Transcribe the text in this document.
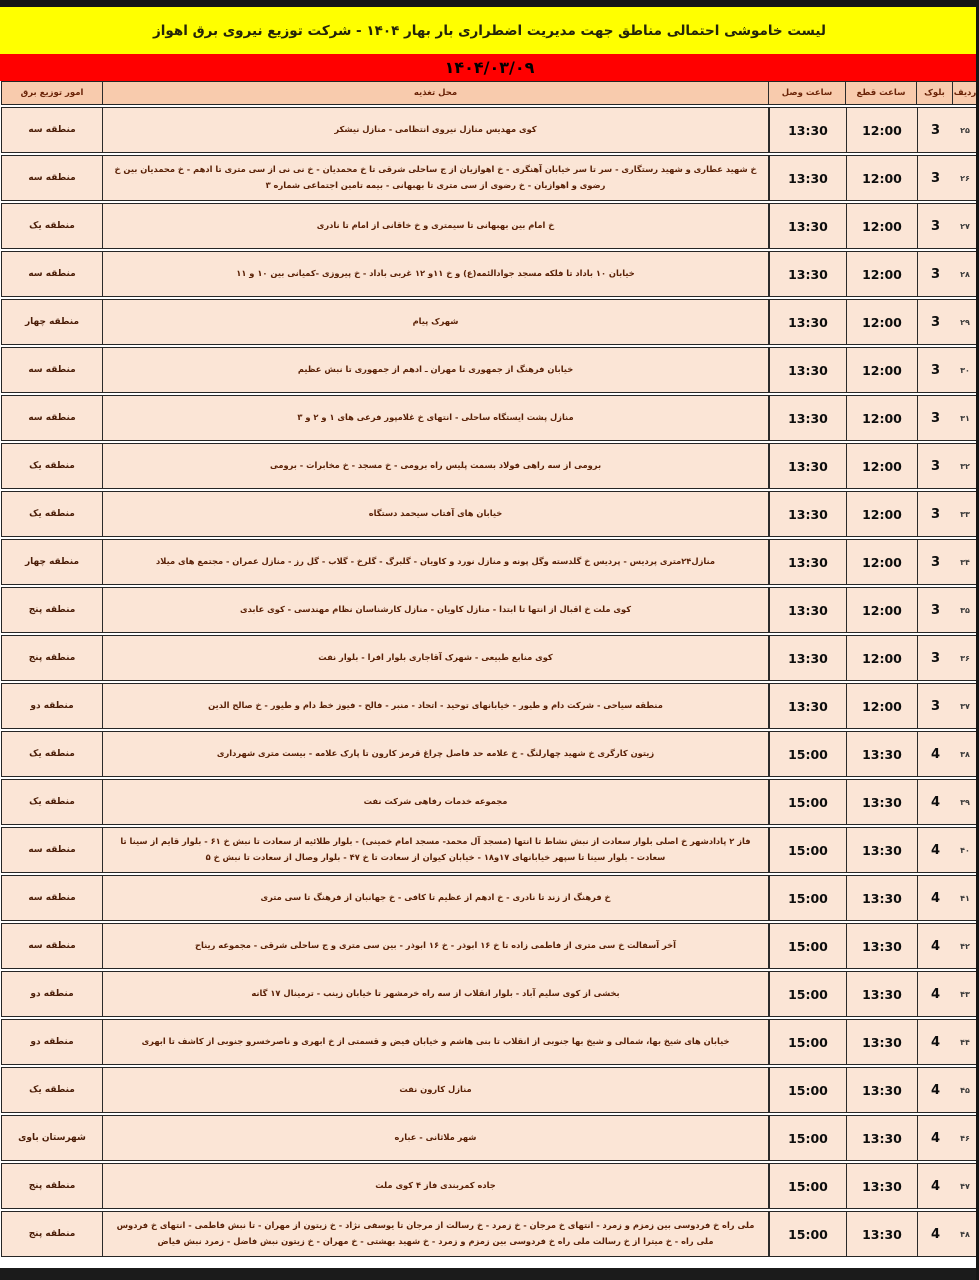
لیست خاموشی احتمالی مناطق جهت مدیریت اضطراری بار بهار ۱۴۰۴ - شرکت توزیع نیروی برق اهواز
۱۴۰۴/۰۳/۰۹
ردیف
بلوک
ساعت قطع
ساعت وصل
محل تغذیه
امور توزیع برق
۲۵
3
12:00
13:30
کوی مهدیس منازل نیروی انتظامی - منازل نیشکر
منطقه سه
۲۶
3
12:00
13:30
خ شهید عطاری و شهید رستگاری - سر تا سر خیابان آهنگری - خ اهوازیان از ج ساحلی شرقی تا خ محمدیان - خ نی نی از سی متری تا ادهم - خ محمدیان بین خ رضوی و اهوازیان - خ رضوی از سی متری تا بهبهانی - بیمه تامین اجتماعی شماره ۳
منطقه سه
۲۷
3
12:00
13:30
خ امام بین بهبهانی تا سیمتری و خ خاقانی از امام تا نادری
منطقه یک
۲۸
3
12:00
13:30
خیابان ۱۰ باداد تا فلکه مسجد جوادالئمه(ع) و خ ۱۱و ۱۲ غربی باداد - خ پیروزی -کمیانی بین ۱۰ و ۱۱
منطقه سه
۲۹
3
12:00
13:30
شهرک پیام
منطقه چهار
۳۰
3
12:00
13:30
خیابان فرهنگ از جمهوری تا مهران ـ ادهم از جمهوری تا نبش عظیم
منطقه سه
۳۱
3
12:00
13:30
منازل پشت ایستگاه ساحلی - انتهای خ غلامپور فرعی های ۱ و ۲ و ۳
منطقه سه
۳۲
3
12:00
13:30
برومی از سه راهی فولاد بسمت پلیس راه برومی - خ مسجد - خ مخابرات - برومی
منطقه یک
۳۳
3
12:00
13:30
خیابان های آفتاب سیحمد دستگاه
منطقه یک
۳۴
3
12:00
13:30
منازل۲۴متری پردیس - پردیس خ گلدسته وگل پونه و منازل نورد و کاویان - گلبرگ - گلرخ - گلاب - گل رز - منازل عمران - مجتمع های میلاد
منطقه چهار
۳۵
3
12:00
13:30
کوی ملت خ اقبال از انتها تا ابتدا - منازل کاویان - منازل کارشناسان نظام مهندسی - کوی عابدی
منطقه پنج
۳۶
3
12:00
13:30
کوی منابع طبیعی - شهرک آقاجاری بلوار افرا - بلوار نفت
منطقه پنج
۳۷
3
12:00
13:30
منطقه سیاحی - شرکت دام و طیور - خیابانهای توحید - اتحاد - منبر - فالح - فیوز خط دام و طیور - خ صالح الدین
منطقه دو
۳۸
4
13:30
15:00
زیتون کارگری خ شهید چهارلنگ - خ علامه حد فاصل چراغ قرمز کارون تا پارک علامه - بیست متری شهرداری
منطقه یک
۳۹
4
13:30
15:00
مجموعه خدمات رفاهی شرکت نفت
منطقه یک
۴۰
4
13:30
15:00
فاز ۲ پادادشهر خ اصلی بلوار سعادت از نبش نشاط تا انتها (مسجد آل محمد- مسجد امام خمینی) - بلوار طلائیه از سعادت تا نبش خ ۶۱ - بلوار قایم از سینا تا سعادت - بلوار سینا تا سپهر خیابانهای ۱۷و۱۸ - خیابان کیوان از سعادت تا خ ۴۷ - بلوار وصال از سعادت تا نبش خ ۵
منطقه سه
۴۱
4
13:30
15:00
خ فرهنگ از زند تا نادری - خ ادهم از عظیم تا کافی - خ جهانبان از فرهنگ تا سی متری
منطقه سه
۴۲
4
13:30
15:00
آخر آسفالت خ سی متری از فاطمی زاده تا خ ۱۶ ابوذر - خ ۱۶ ابوذر - بین سی متری و ج ساحلی شرقی - مجموعه ریناح
منطقه سه
۴۳
4
13:30
15:00
بخشی از کوی سلیم آباد - بلوار انقلاب از سه راه خرمشهر تا خیابان زینب - ترمینال ۱۷ گانه
منطقه دو
۴۴
4
13:30
15:00
خیابان های شیخ بها، شمالی و شیخ بها جنوبی از انقلاب تا بنی هاشم و خیابان فیض و قسمتی از خ ابهری و ناصرخسرو جنوبی از کاشف تا ابهری
منطقه دو
۴۵
4
13:30
15:00
منازل کارون نفت
منطقه یک
۴۶
4
13:30
15:00
شهر ملاثانی - عباره
شهرستان باوی
۴۷
4
13:30
15:00
جاده کمربندی فاز ۴ کوی ملت
منطقه پنج
۴۸
4
13:30
15:00
ملی راه خ فردوسی بین زمزم و زمرد - انتهای خ مرجان - خ زمرد - خ رسالت از مرجان تا یوسفی نژاد - خ زیتون از مهران - تا نبش فاطمی - انتهای خ فردوس ملی راه - خ میترا از خ رسالت ملی راه خ فردوسی بین زمزم و زمرد - خ شهید بهشتی - خ مهران - خ زیتون نبش فاضل - زمرد نبش فیاض
منطقه پنج
